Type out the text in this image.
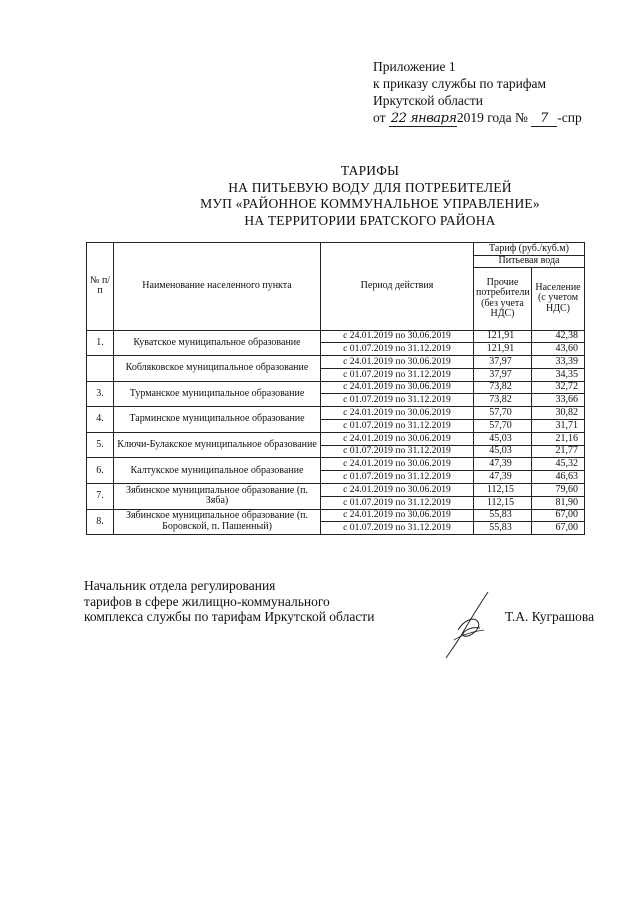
Приложение 1
к приказу службы по тарифам
Иркутской области
от 22 января2019 года № 7 -спр
ТАРИФЫ
НА ПИТЬЕВУЮ ВОДУ ДЛЯ ПОТРЕБИТЕЛЕЙ
МУП «РАЙОННОЕ КОММУНАЛЬНОЕ УПРАВЛЕНИЕ»
НА ТЕРРИТОРИИ БРАТСКОГО РАЙОНА
№ п/п	Наименование населенного пункта	Период действия	Тариф (руб./куб.м)	
			Питьевая вода	
			Прочие потребители (без учета НДС)	Население (с учетом НДС)
1.	Куватское муниципальное образование	с 24.01.2019 по 30.06.2019	121,91	42,38
		с 01.07.2019 по 31.12.2019	121,91	43,60
	Кобляковское муниципальное образование	с 24.01.2019 по 30.06.2019	37,97	33,39
		с 01.07.2019 по 31.12.2019	37,97	34,35
3.	Турманское муниципальное образование	с 24.01.2019 по 30.06.2019	73,82	32,72
		с 01.07.2019 по 31.12.2019	73,82	33,66
4.	Тарминское муниципальное образование	с 24.01.2019 по 30.06.2019	57,70	30,82
		с 01.07.2019 по 31.12.2019	57,70	31,71
5.	Ключи-Булакское муниципальное образование	с 24.01.2019 по 30.06.2019	45,03	21,16
		с 01.07.2019 по 31.12.2019	45,03	21,77
6.	Калтукское муниципальное образование	с 24.01.2019 по 30.06.2019	47,39	45,32
		с 01.07.2019 по 31.12.2019	47,39	46,63
7.	Зябинское муниципальное образование (п. Зяба)	с 24.01.2019 по 30.06.2019	112,15	79,60
		с 01.07.2019 по 31.12.2019	112,15	81,90
8.	Зябинское муниципальное образование (п. Боровской, п. Пашенный)	с 24.01.2019 по 30.06.2019	55,83	67,00
		с 01.07.2019 по 31.12.2019	55,83	67,00
Начальник отдела регулирования
тарифов в сфере жилищно-коммунального
комплекса службы по тарифам Иркутской области	Т.А. Куграшова
